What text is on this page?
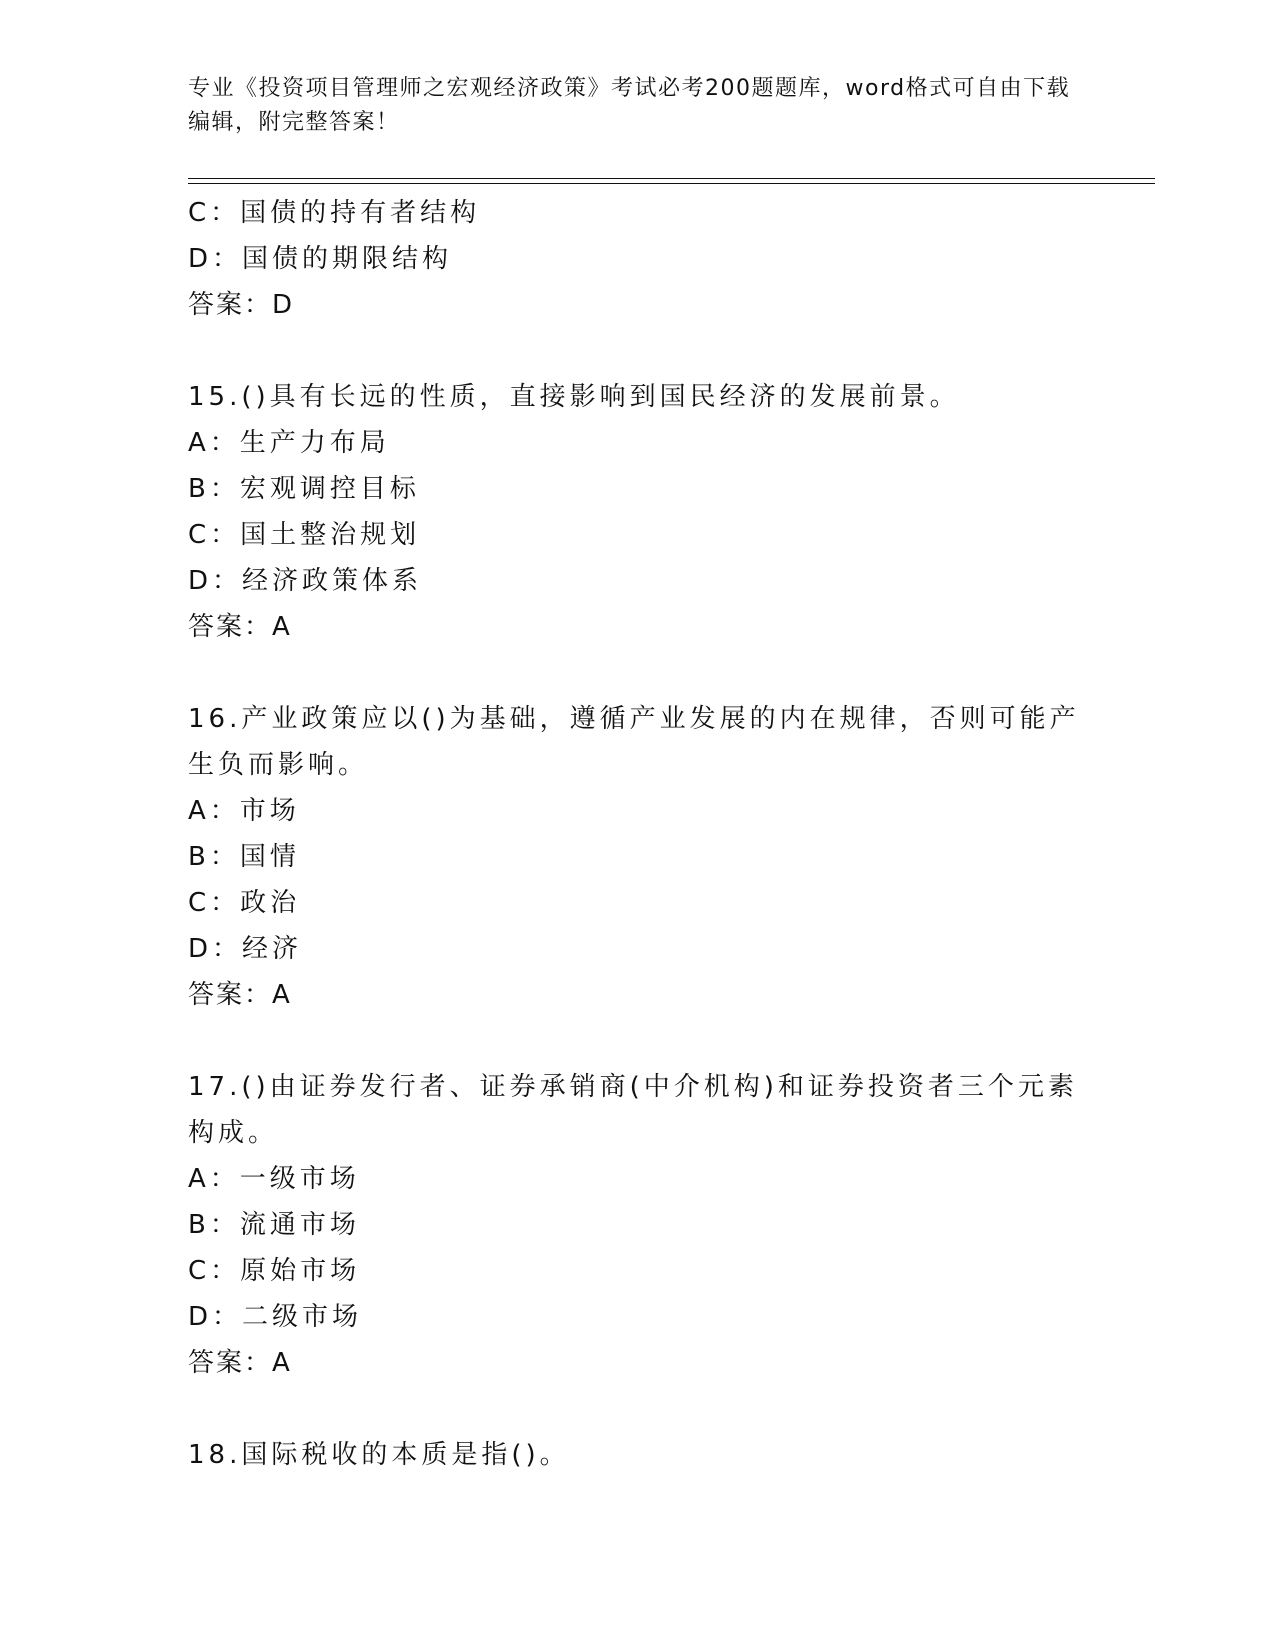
专业《投资项目管理师之宏观经济政策》考试必考200题题库，word格式可自由下载编辑，附完整答案！
C：国债的持有者结构
D：国债的期限结构
答案：D
15.()具有长远的性质，直接影响到国民经济的发展前景。
A：生产力布局
B：宏观调控目标
C：国土整治规划
D：经济政策体系
答案：A
16.产业政策应以()为基础，遵循产业发展的内在规律，否则可能产生负而影响。
A：市场
B：国情
C：政治
D：经济
答案：A
17.()由证券发行者、证券承销商(中介机构)和证券投资者三个元素构成。
A：一级市场
B：流通市场
C：原始市场
D：二级市场
答案：A
18.国际税收的本质是指()。
